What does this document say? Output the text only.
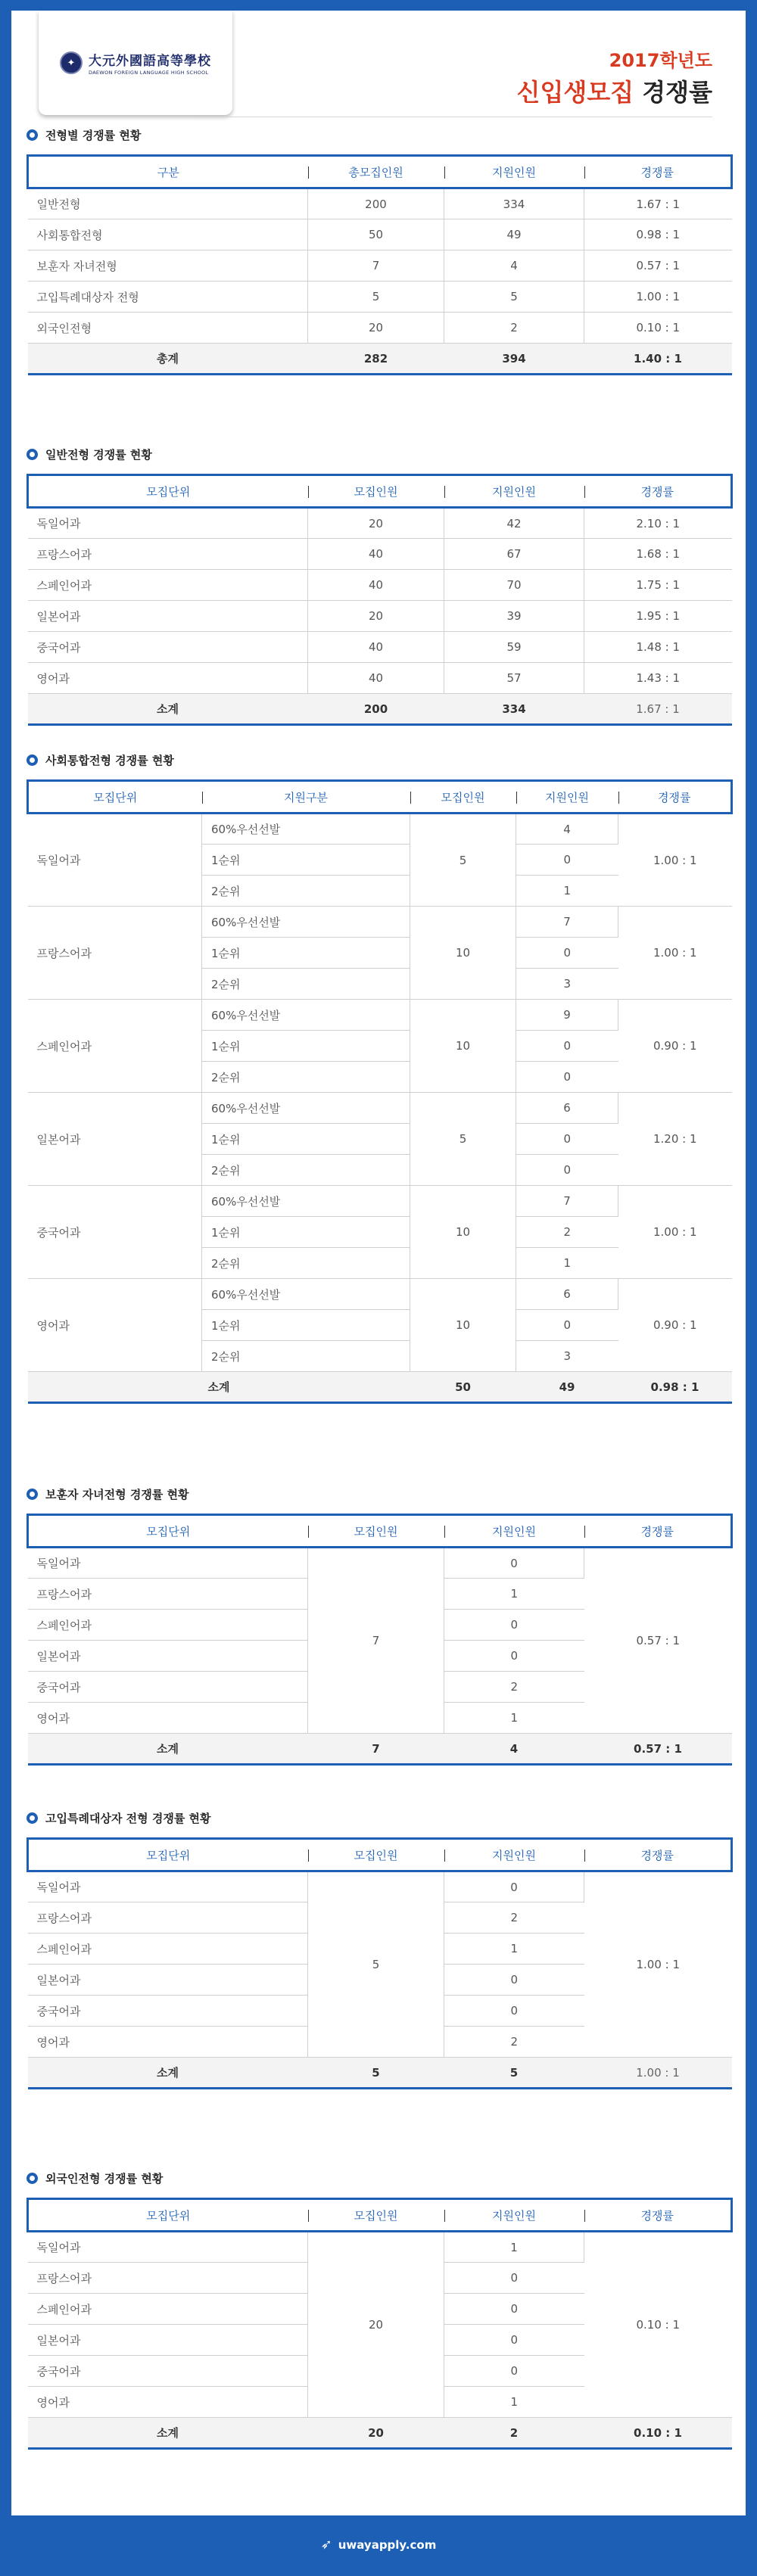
✦	大元外國語高等學校
DAEWON FOREIGN LANGUAGE HIGH SCHOOL
2017학년도
신입생모집 경쟁률
전형별 경쟁률 현황
구분	총모집인원	지원인원	경쟁률
일반전형	200	334	1.67 : 1
사회통합전형	50	49	0.98 : 1
보훈자 자녀전형	7	4	0.57 : 1
고입특례대상자 전형	5	5	1.00 : 1
외국인전형	20	2	0.10 : 1
총계	282	394	1.40 : 1
일반전형 경쟁률 현황
모집단위	모집인원	지원인원	경쟁률
독일어과	20	42	2.10 : 1
프랑스어과	40	67	1.68 : 1
스페인어과	40	70	1.75 : 1
일본어과	20	39	1.95 : 1
중국어과	40	59	1.48 : 1
영어과	40	57	1.43 : 1
소계	200	334	1.67 : 1
사회통합전형 경쟁률 현황
모집단위	지원구분	모집인원	지원인원	경쟁률
독일어과	60%우선선발	5	4	1.00 : 1
	1순위		0	
	2순위		1	
프랑스어과	60%우선선발	10	7	1.00 : 1
	1순위		0	
	2순위		3	
스페인어과	60%우선선발	10	9	0.90 : 1
	1순위		0	
	2순위		0	
일본어과	60%우선선발	5	6	1.20 : 1
	1순위		0	
	2순위		0	
중국어과	60%우선선발	10	7	1.00 : 1
	1순위		2	
	2순위		1	
영어과	60%우선선발	10	6	0.90 : 1
	1순위		0	
	2순위		3	
소계		50	49	0.98 : 1
보훈자 자녀전형 경쟁률 현황
모집단위	모집인원	지원인원	경쟁률
독일어과	7	0	0.57 : 1
프랑스어과		1	
스페인어과		0	
일본어과		0	
중국어과		2	
영어과		1	
소계	7	4	0.57 : 1
고입특례대상자 전형 경쟁률 현황
모집단위	모집인원	지원인원	경쟁률
독일어과	5	0	1.00 : 1
프랑스어과		2	
스페인어과		1	
일본어과		0	
중국어과		0	
영어과		2	
소계	5	5	1.00 : 1
외국인전형 경쟁률 현황
모집단위	모집인원	지원인원	경쟁률
독일어과	20	1	0.10 : 1
프랑스어과		0	
스페인어과		0	
일본어과		0	
중국어과		0	
영어과		1	
소계	20	2	0.10 : 1
➶ uwayapply.com
